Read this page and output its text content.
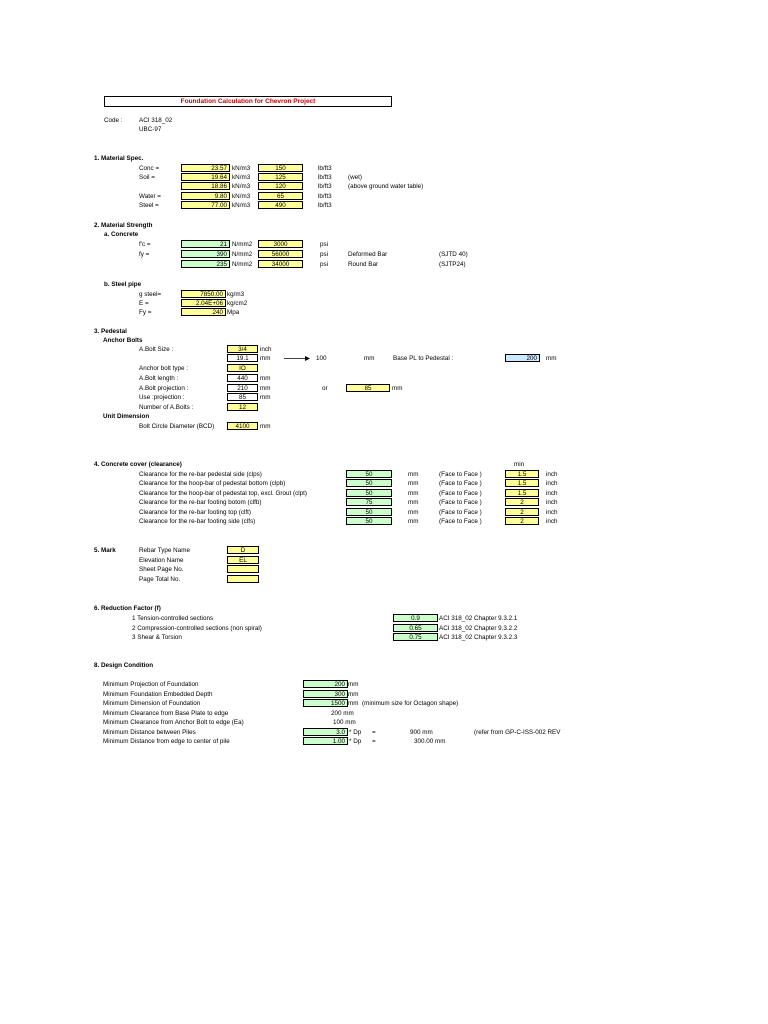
Foundation Calculation for Chevron Project
Code :	ACI 318_02
UBC-97
1. Material Spec.
Conc =	23.57 kN/m3	150	lb/ft3
Soil =	19.64 kN/m3	125	lb/ft3	(wet)
18.86 kN/m3	120	lb/ft3	(above ground water table)
Water =	9.80 kN/m3	65	lb/ft3
Steel =	77.00 kN/m3	490	lb/ft3
2. Material Strength
a. Concrete
f'c =	21 N/mm2	3000	psi
fy =	390 N/mm2	56000	psi	Deformed Bar	(SJTD 40)
235 N/mm2	34000	psi	Round Bar	(SJTP24)
b. Steel pipe
g steel=	7850.00 kg/m3
E =	2.04E+06 kg/cm2
Fy =	240 Mpa
3. Pedestal
Anchor Bolts
A.Bolt Size :	3/4	inch
19.1	mm	100	mm	Base PL to Pedestal :	200	mm
Anchor bolt type :	IO
A.Bolt length :	440	mm
A.Bolt projection :	210	mm	or	85	mm
Use :projection :	85	mm
Number of A.Bolts :	12
Unit Dimension
Bolt Circle Diameter (BCD)	4100	mm
4. Concrete cover (clearance)	min
Clearance for the re-bar pedestal side (clps)	50	mm	(Face to Face )	1.5	inch
Clearance for the hoop-bar of pedestal bottom (clpb)	50	mm	(Face to Face )	1.5	inch
Clearance for the hoop-bar of pedestal top, excl. Grout (clpt)	50	mm	(Face to Face )	1.5	inch
Clearance for the re-bar footing botom (clfb)	75	mm	(Face to Face )	2	inch
Clearance for the re-bar footing top (clft)	50	mm	(Face to Face )	2	inch
Clearance for the re-bar footing side (clfs)	50	mm	(Face to Face )	2	inch
5. Mark	Rebar Type Name	D
Elevation Name	EL
Sheet Page No.
Page Total No.
6. Reduction Factor (f)
1 Tension-controlled sections	0.9	ACI 318_02 Chapter 9.3.2.1
2 Compression-controlled sections (non spiral)	0.65	ACI 318_02 Chapter 9.3.2.2
3 Shear & Torsion	0.75	ACI 318_02 Chapter 9.3.2.3
8. Design Condition
Minimum Projection of Foundation	200 mm
Minimum Foundation Embedded Depth	300 mm
Minimum Dimension of Foundation	1500 mm (minimum size for Octagon shape)
Minimum Clearance from Base Plate to edge	200 mm
Minimum Clearance from Anchor Bolt to edge (Ea)	100 mm
Minimum Distance between Piles	3.0 * Dp =	900 mm	(refer from GP-C-ISS-002 REV
Minimum Distance from edge to center of pile	1.00 * Dp =	300.00 mm
